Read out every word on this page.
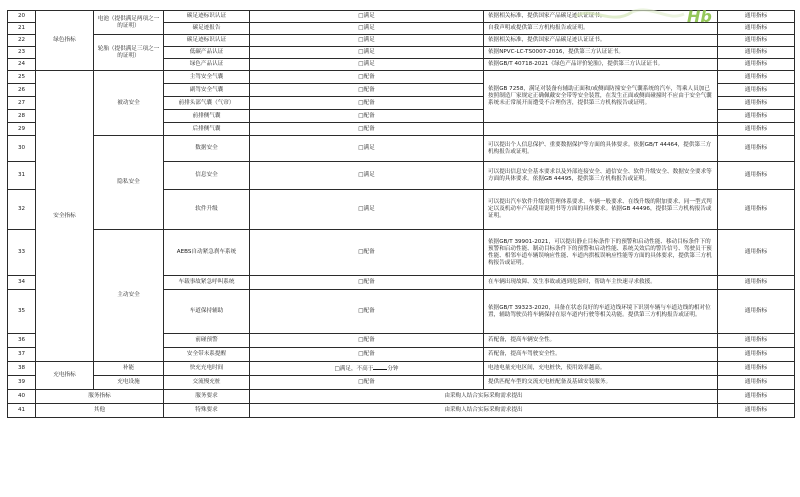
20	绿色指标	电池（提供满足两项之一的证明）	碳足迹标识认证	□满足	依据相关标准，提供国家产品碳足迹认证证书。	通用指标
21			碳足迹报告	□满足	自我声明或提供第三方机构报告或证明。	通用指标
22		轮胎（提供满足三项之一的证明）	碳足迹标识认证	□满足	依据相关标准，提供国家产品碳足迹认证证书。	通用指标
23			低碳产品认证	□满足	依据NPVC-LC-TS0007-2016，提供第三方认证证书。	通用指标
24			绿色产品认证	□满足	依据GB/T 40718-2021《绿色产品评价轮胎》，提供第三方认证证书。	通用指标
25	安全指标	被动安全	主驾安全气囊	□配备	依据GB 7258，满足对装备有辅助正面和/或侧面防撞安全气囊系统的汽车，驾乘人员加已按照制造厂家规定正确佩戴安全带等安全装置，在发生正面或侧面碰撞时不应由于安全气囊系统未正常展开而遭受不合理伤害，提供第三方机构报告或证明。	通用指标
26			副驾安全气囊	□配备		通用指标
27			前排头部气囊（气帘）	□配备		通用指标
28			前排侧气囊	□配备		通用指标
29			后排侧气囊	□配备		通用指标
30		隐私安全	数据安全	□满足	可以提出个人信息保护、重要数据保护等方面的具体要求。依据GB/T 44464，提供第三方机构报告或证明。	通用指标
31			信息安全	□满足	可以提出信息安全基本要求以及外部连接安全、通信安全、软件升级安全、数据安全要求等方面的具体要求。依据GB 44495，提供第三方机构报告或证明。	通用指标
32			软件升级	□满足	可以提出汽车软件升级的管理体系要求、车辆一般要求、在线升级的附加要求、同一型式判定以及机动车产品使用说明书等方面的具体要求。依据GB 44496，提供第三方机构报告或证明。	通用指标
33		主动安全	AEBS自动紧急刹车系统	□配备	依据GB/T 39901-2021，可以提出静止目标条件下的预警和启动性能、移动目标条件下的预警和启动性能、制动目标条件下的预警和启动性能、系统关效后的警告信号、驾驶员干预性能、相邻车道车辆误响应性能、车道内拱板误响应性能等方面的具体要求，提供第三方机构报告或证明。	通用指标
34			车载事故紧急呼叫系统	□配备	在车辆出现故障、发生事故或遇到危险时，帮助车主快速寻求救援。	通用指标
35			车道保持辅助	□配备	依据GB/T 39323-2020，具备在状态良好的车道边线环境下识别车辆与车道边线的相对位置，辅助驾驶员将车辆保持在原车道内行驶等相关功能。提供第三方机构报告或证明。	通用指标
36			前碰预警	□配备	若配备，提高车辆安全性。	通用指标
37			安全带未系提醒	□配备	若配备，提高车驾驶安全性。	通用指标
38	充电指标	补能	快充充电时间	□满足，不高于 分钟	电池电量充电区间，充电桩快，使用效率越高。	通用指标
39		充电设施	交流慢充桩	□配备	提供匹配车型的交流充电桩配备及基础安装服务。	通用指标
40	服务指标		服务要求	由采购人结合实际采购需求提出		通用指标
41	其他		特殊要求	由采购人结合实际采购需求提出		通用指标
Hb
